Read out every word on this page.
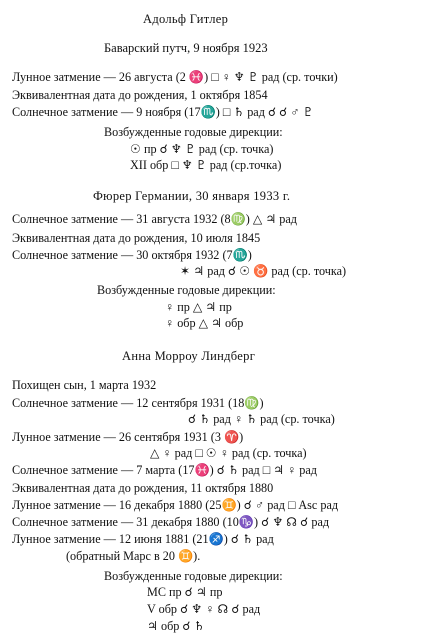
Адольф Гитлер
Баварский путч, 9 ноября 1923
Лунное затмение — 26 августа (2 ♓) □ ♀ ♆ ♇ рад (ср. точки)
Эквивалентная дата до рождения, 1 октября 1854
Солнечное затмение — 9 ноября (17♏) □ ♄ рад ☌ ☌ ♂ ♇
Возбужденные годовые дирекции:
☉ пр ☌ ♆ ♇ рад (ср. точка)
XII обр □ ♆ ♇ рад (ср.точка)
Фюрер Германии, 30 января 1933 г.
Солнечное затмение — 31 августа 1932 (8♍) △ ♃ рад
Эквивалентная дата до рождения, 10 июля 1845
Солнечное затмение — 30 октября 1932 (7♏)
✶ ♃ рад ☌ ☉ ♉ рад (ср. точка)
Возбужденные годовые дирекции:
♀ пр △ ♃ пр
♀ обр △ ♃ обр
Анна Морроу Линдберг
Похищен сын, 1 марта 1932
Солнечное затмение — 12 сентября 1931 (18♍)
☌ ♄ рад ♀ ♄ рад (ср. точка)
Лунное затмение — 26 сентября 1931 (3 ♈)
△ ♀ рад □ ☉ ♀ рад (ср. точка)
Солнечное затмение — 7 марта (17♓) ☌ ♄ рад □ ♃ ♀ рад
Эквивалентная дата до рождения, 11 октября 1880
Лунное затмение — 16 декабря 1880 (25♊) ☌ ♂ рад □ Asc рад
Солнечное затмение — 31 декабря 1880 (10♑) ☌ ♆ ☊ ☌ рад
Лунное затмение — 12 июня 1881 (21♐) ☌ ♄ рад
(обратный Марс в 20 ♊).
Возбужденные годовые дирекции:
MC пр ☌ ♃ пр
V обр ☌ ♆ ♀ ☊ ☌ рад
♃ обр ☌ ♄
